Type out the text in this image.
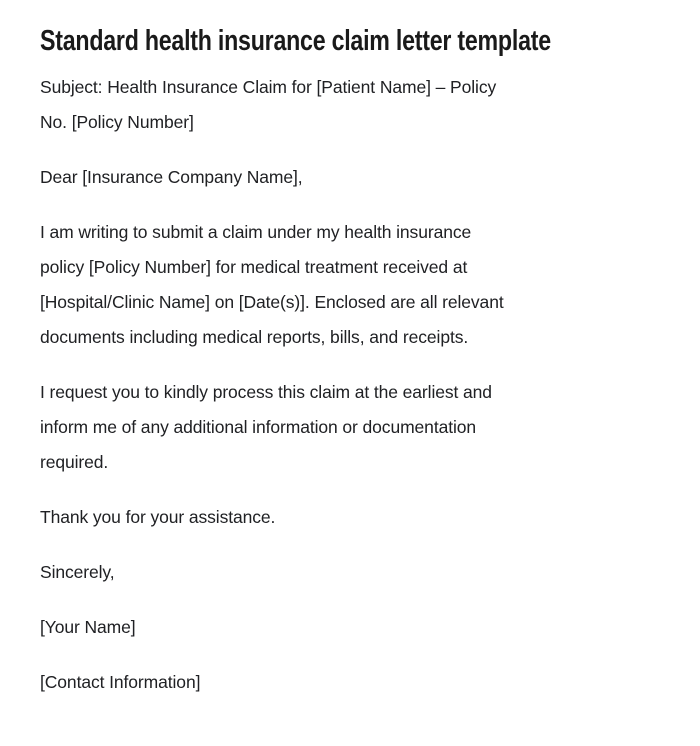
Standard health insurance claim letter template
Subject: Health Insurance Claim for [Patient Name] – Policy
No. [Policy Number]
Dear [Insurance Company Name],
I am writing to submit a claim under my health insurance
policy [Policy Number] for medical treatment received at
[Hospital/Clinic Name] on [Date(s)]. Enclosed are all relevant
documents including medical reports, bills, and receipts.
I request you to kindly process this claim at the earliest and
inform me of any additional information or documentation
required.
Thank you for your assistance.
Sincerely,
[Your Name]
[Contact Information]
